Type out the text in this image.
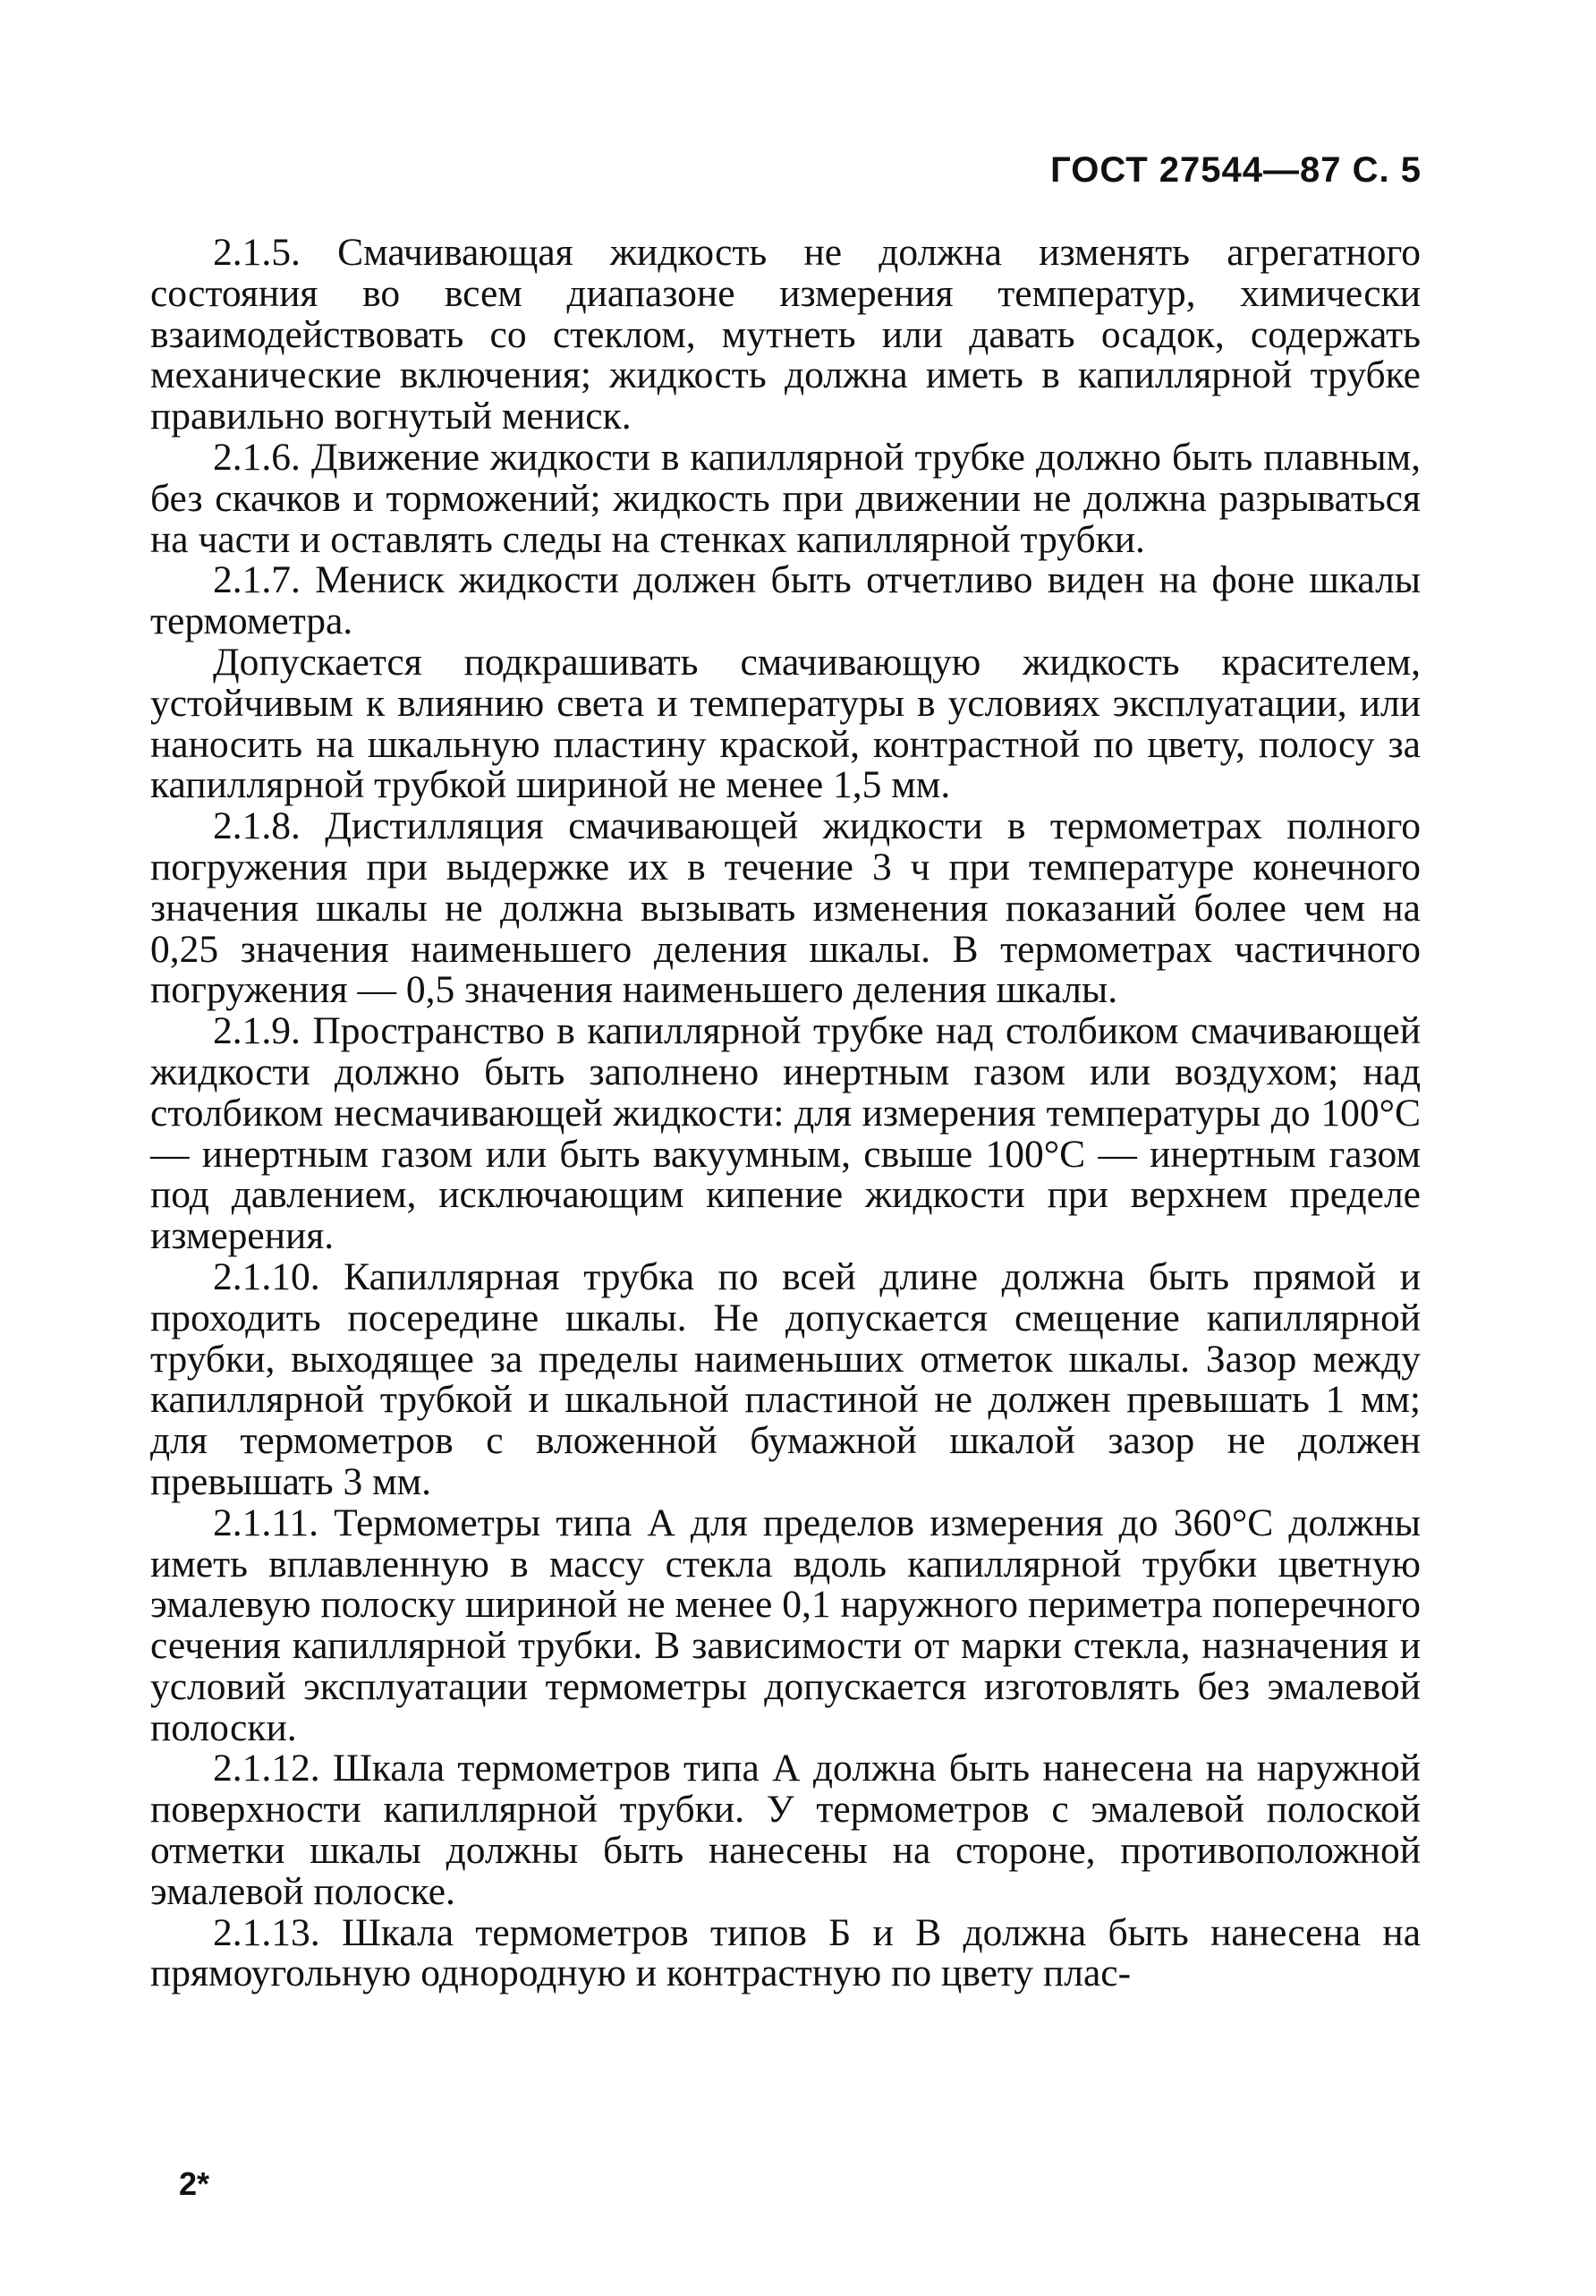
ГОСТ 27544—87 С. 5

2.1.5. Смачивающая жидкость не должна изменять агрегатного состояния во всем диапазоне измерения температур, химически взаимодействовать со стеклом, мутнеть или давать осадок, содержать механические включения; жидкость должна иметь в капиллярной трубке правильно вогнутый мениск.

2.1.6. Движение жидкости в капиллярной трубке должно быть плавным, без скачков и торможений; жидкость при движении не должна разрываться на части и оставлять следы на стенках капиллярной трубки.

2.1.7. Мениск жидкости должен быть отчетливо виден на фоне шкалы термометра.

Допускается подкрашивать смачивающую жидкость красителем, устойчивым к влиянию света и температуры в условиях эксплуатации, или наносить на шкальную пластину краской, контрастной по цвету, полосу за капиллярной трубкой шириной не менее 1,5 мм.

2.1.8. Дистилляция смачивающей жидкости в термометрах полного погружения при выдержке их в течение 3 ч при температуре конечного значения шкалы не должна вызывать изменения показаний более чем на 0,25 значения наименьшего деления шкалы. В термометрах частичного погружения — 0,5 значения наименьшего деления шкалы.

2.1.9. Пространство в капиллярной трубке над столбиком смачивающей жидкости должно быть заполнено инертным газом или воздухом; над столбиком несмачивающей жидкости: для измерения температуры до 100°С — инертным газом или быть вакуумным, свыше 100°С — инертным газом под давлением, исключающим кипение жидкости при верхнем пределе измерения.

2.1.10. Капиллярная трубка по всей длине должна быть прямой и проходить посередине шкалы. Не допускается смещение капиллярной трубки, выходящее за пределы наименьших отметок шкалы. Зазор между капиллярной трубкой и шкальной пластиной не должен превышать 1 мм; для термометров с вложенной бумажной шкалой зазор не должен превышать 3 мм.

2.1.11. Термометры типа А для пределов измерения до 360°С должны иметь вплавленную в массу стекла вдоль капиллярной трубки цветную эмалевую полоску шириной не менее 0,1 наружного периметра поперечного сечения капиллярной трубки. В зависимости от марки стекла, назначения и условий эксплуатации термометры допускается изготовлять без эмалевой полоски.

2.1.12. Шкала термометров типа А должна быть нанесена на наружной поверхности капиллярной трубки. У термометров с эмалевой полоской отметки шкалы должны быть нанесены на стороне, противоположной эмалевой полоске.

2.1.13. Шкала термометров типов Б и В должна быть нанесена на прямоугольную однородную и контрастную по цвету плас-

2*
